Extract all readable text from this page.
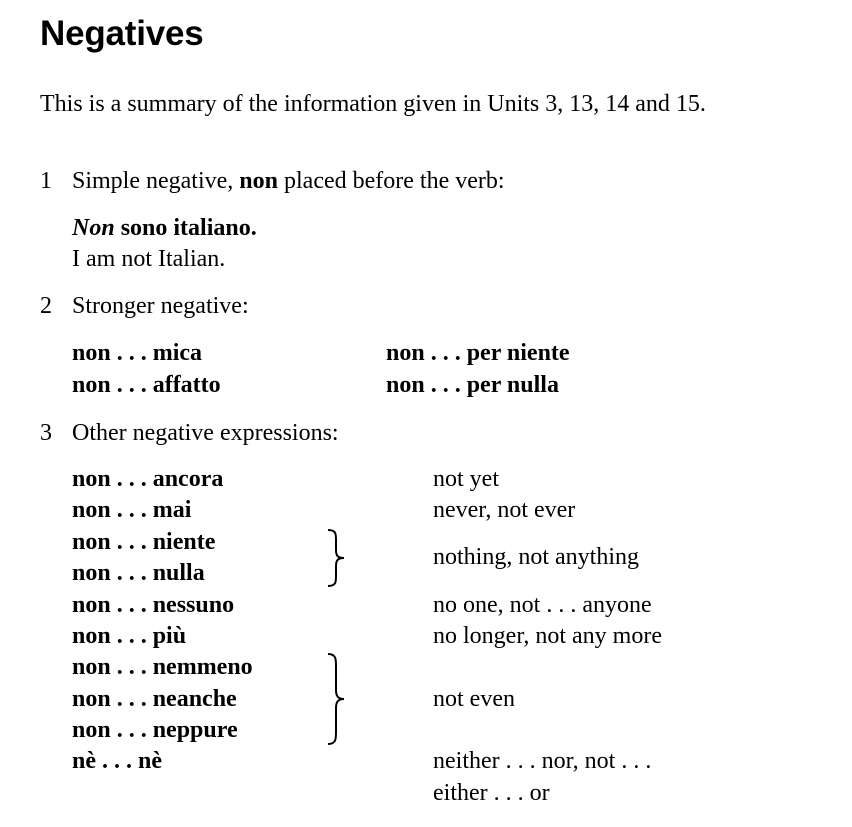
Negatives

This is a summary of the information given in Units 3, 13, 14 and 15.

1 Simple negative, non placed before the verb:
Non sono italiano.
I am not Italian.
2 Stronger negative:
non . . . mica
non . . . affatto
non . . . per niente
non . . . per nulla
3 Other negative expressions:
non . . . ancora
non . . . mai
non . . . niente
non . . . nulla
non . . . nessuno
non . . . più
non . . . nemmeno
non . . . neanche
non . . . neppure
nè . . . nè
not yet
never, not ever
nothing, not anything
no one, not . . . anyone
no longer, not any more
not even
neither . . . nor, not . . .
either . . . or
